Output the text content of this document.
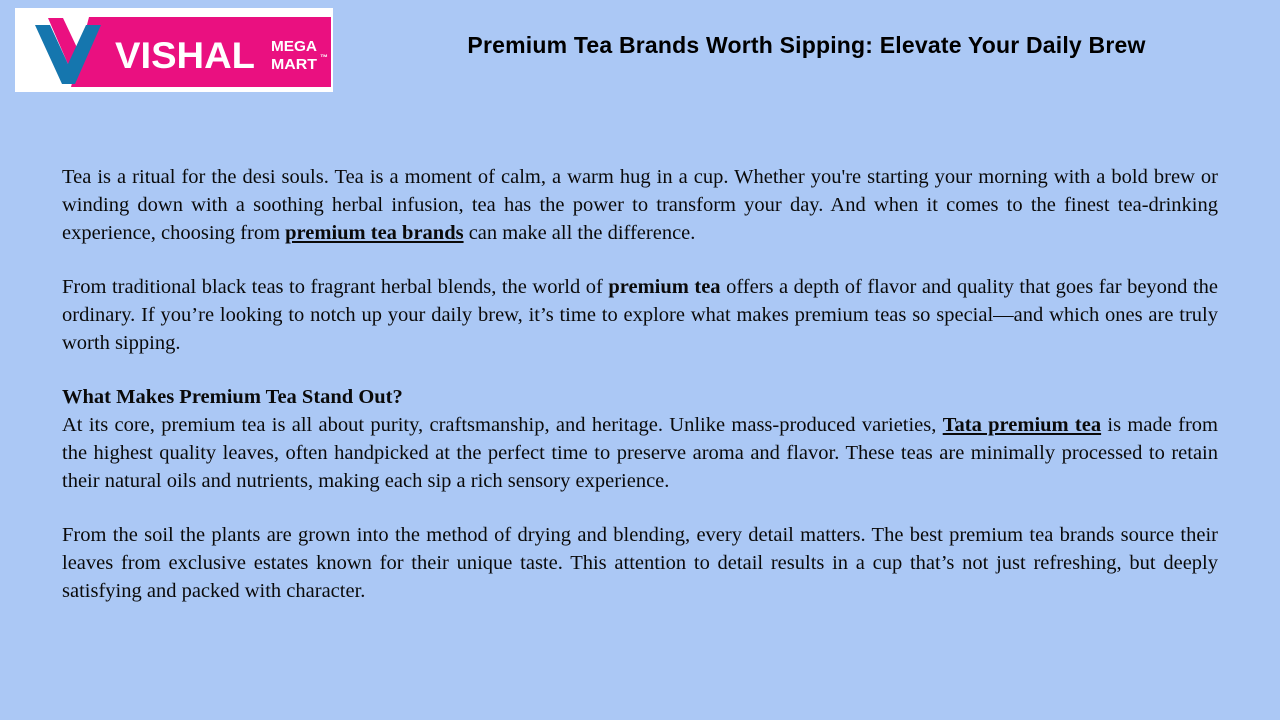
VISHAL MEGA
MART ™	Premium Tea Brands Worth Sipping: Elevate Your Daily Brew

Tea is a ritual for the desi souls. Tea is a moment of calm, a warm hug in a cup. Whether you're starting your morning with a bold brew or winding down with a soothing herbal infusion, tea has the power to transform your day. And when it comes to the finest tea-drinking experience, choosing from premium tea brands can make all the difference.

From traditional black teas to fragrant herbal blends, the world of premium tea offers a depth of flavor and quality that goes far beyond the ordinary. If you’re looking to notch up your daily brew, it’s time to explore what makes premium teas so special—and which ones are truly worth sipping.

What Makes Premium Tea Stand Out?

At its core, premium tea is all about purity, craftsmanship, and heritage. Unlike mass-produced varieties, Tata premium tea is made from the highest quality leaves, often handpicked at the perfect time to preserve aroma and flavor. These teas are minimally processed to retain their natural oils and nutrients, making each sip a rich sensory experience.

From the soil the plants are grown into the method of drying and blending, every detail matters. The best premium tea brands source their leaves from exclusive estates known for their unique taste. This attention to detail results in a cup that’s not just refreshing, but deeply satisfying and packed with character.
